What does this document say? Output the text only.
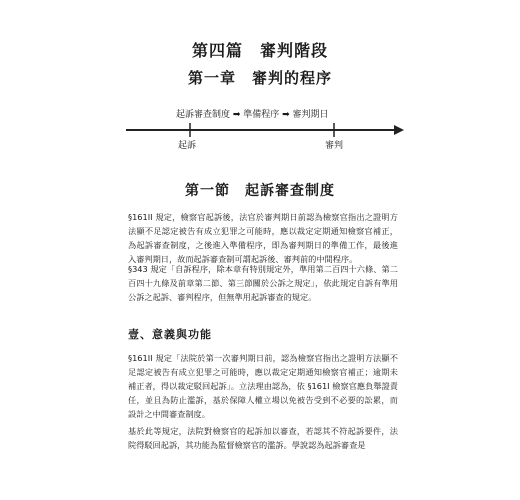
第四篇　審判階段
第一章　審判的程序
起訴審查制度 ➡ 準備程序 ➡ 審判期日
起訴	審判
第一節　起訴審查制度

§161II 規定，檢察官起訴後，法官於審判期日前認為檢察官指出之證明方法顯不足認定被告有成立犯罪之可能時，應以裁定定期通知檢察官補正，為起訴審查制度，之後進入準備程序，即為審判期日的準備工作，最後進入審判期日，故而起訴審查制可謂起訴後、審判前的中間程序。

§343 規定「自訴程序，除本章有特別規定外，準用第二百四十六條、第二百四十九條及前章第二節、第三節關於公訴之規定」，依此規定自訴有準用公訴之起訴、審判程序，但無準用起訴審查的規定。

壹、意義與功能

§161II 規定「法院於第一次審判期日前，認為檢察官指出之證明方法顯不足認定被告有成立犯罪之可能時，應以裁定定期通知檢察官補正；逾期未補正者，得以裁定駁回起訴」。立法理由認為，依 §161I 檢察官應負舉證責任，並且為防止濫訴，基於保障人權立場以免被告受到不必要的訟累，而設計之中間審查制度。

基於此等規定，法院對檢察官的起訴加以審查，若認其不符起訴要件，法院得駁回起訴，其功能為監督檢察官的濫訴。學說認為起訴審查是
